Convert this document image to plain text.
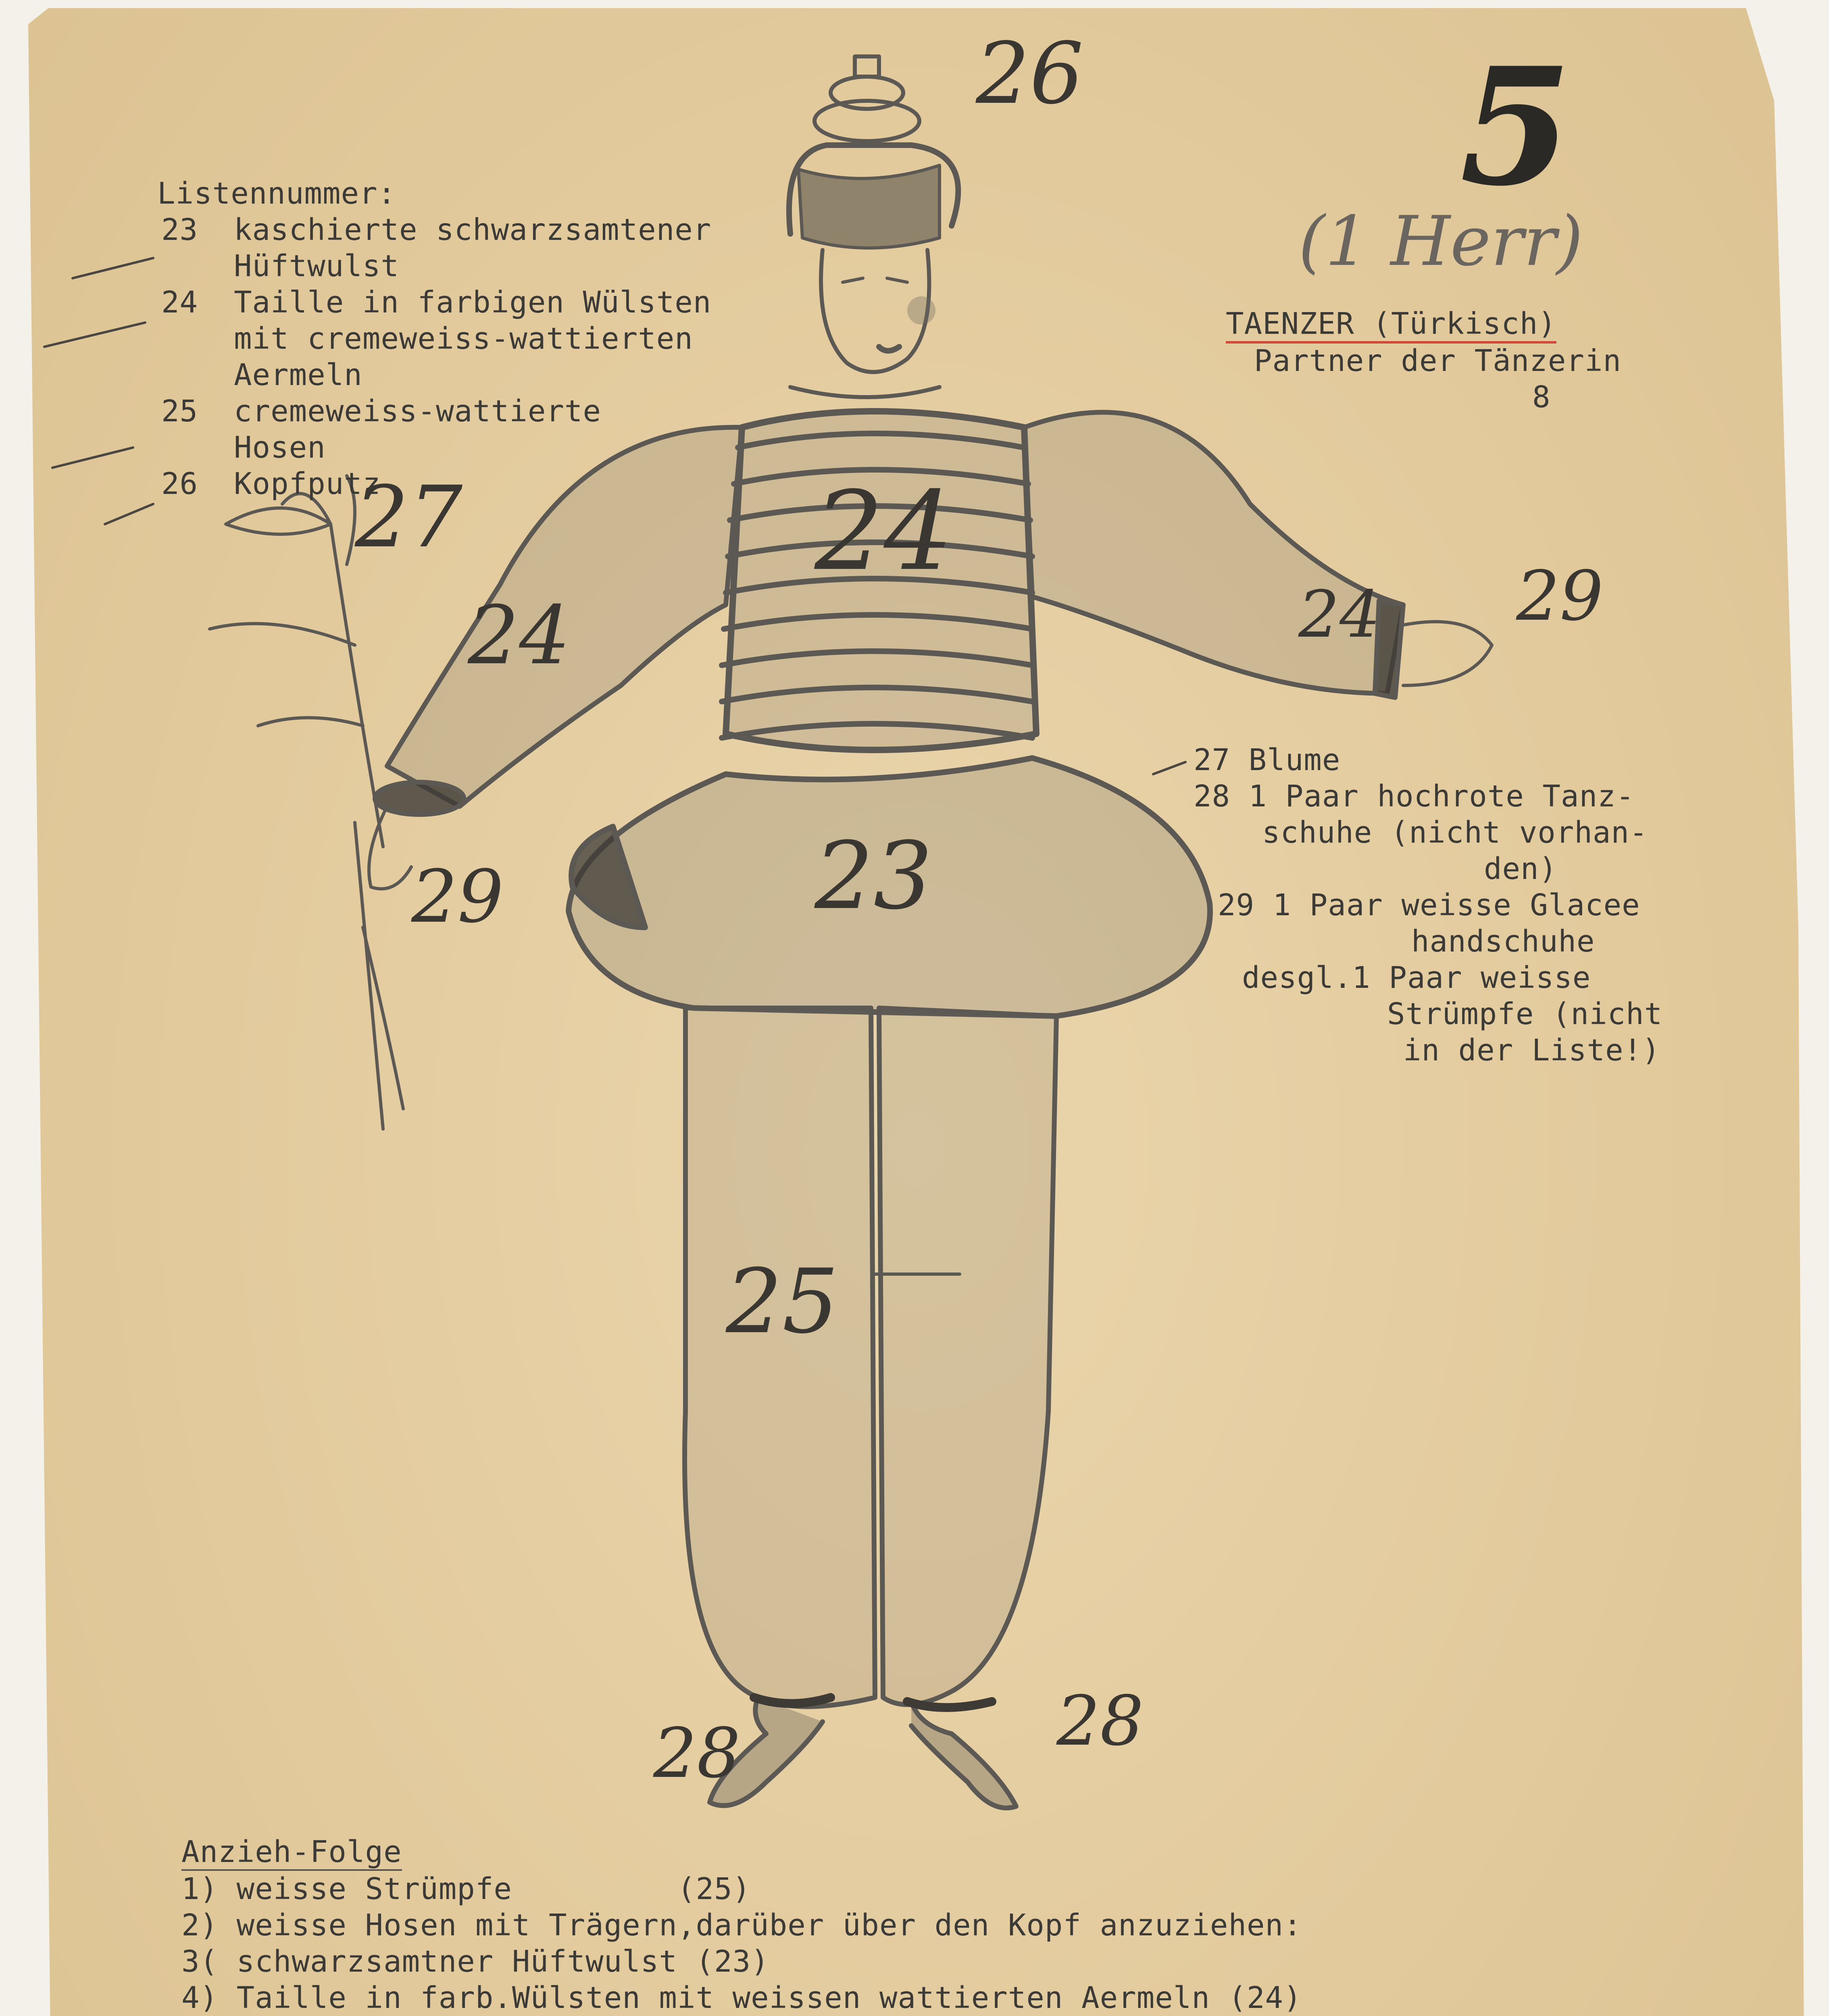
5
(1 Herr)
Listennummer:
23 kaschierte schwarzsamtener
Hüftwulst
24 Taille in farbigen Wülsten
mit cremeweiss-wattierten
Aermeln
25 cremeweiss-wattierte
Hosen
26 Kopfputz
TAENZER (Türkisch)
Partner der Tänzerin
8
27 Blume
28 1 Paar hochrote Tanz-
schuhe (nicht vorhan-
den)
29 1 Paar weisse Glacee
handschuhe
desgl.1 Paar weisse
Strümpfe (nicht
in der Liste!)
Anzieh-Folge
1) weisse Strümpfe         (25)
2) weisse Hosen mit Trägern,darüber über den Kopf anzuziehen:
3( schwarzsamtner Hüftwulst (23)
4) Taille in farb.Wülsten mit weissen wattierten Aermeln (24)
26
27
24
24
24 29
29	23
25
28	28
